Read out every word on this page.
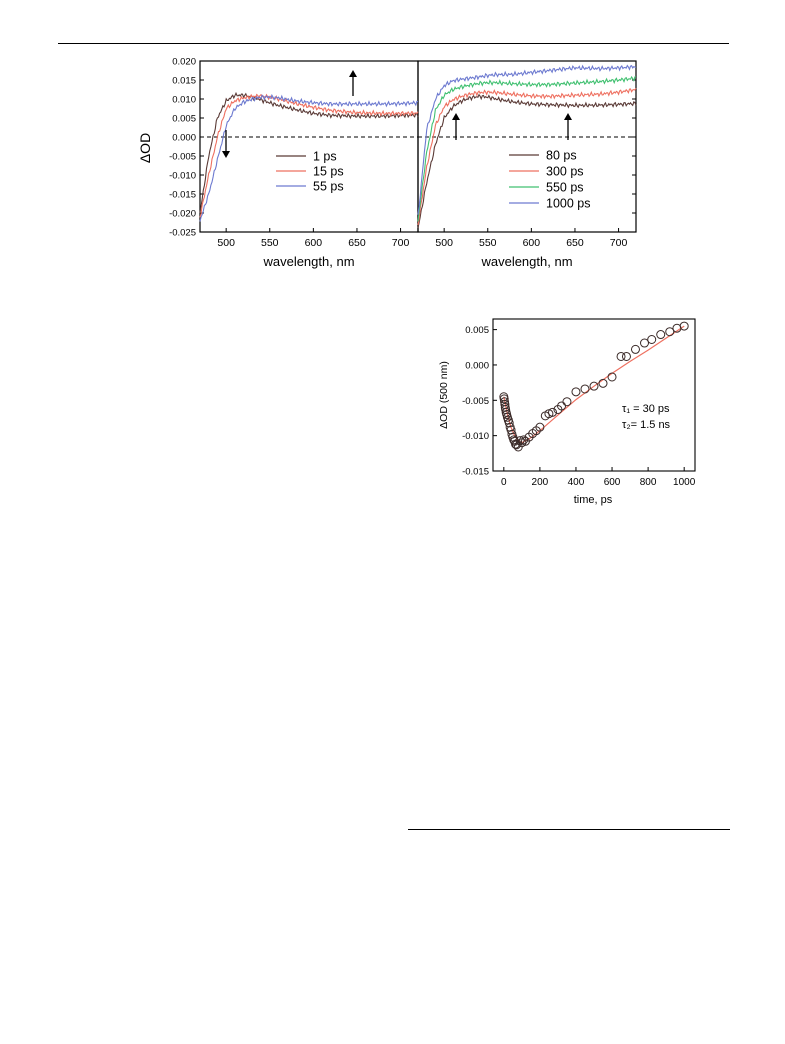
ΔOD
0.020
0.015
0.010
0.005
0.000
-0.005
-0.010
-0.015
-0.020
-0.025
500 550 600 650 700 500 550 600 650 700
1 ps
15 ps
55 ps
80 ps
300 ps
550 ps
1000 ps
wavelength, nm	wavelength, nm
0.005
0.000
-0.005
-0.010
-0.015
0 200 400 600 800 1000
ΔOD (500 nm)
time, ps
τ₁ = 30 ps
τ₂= 1.5 ns
